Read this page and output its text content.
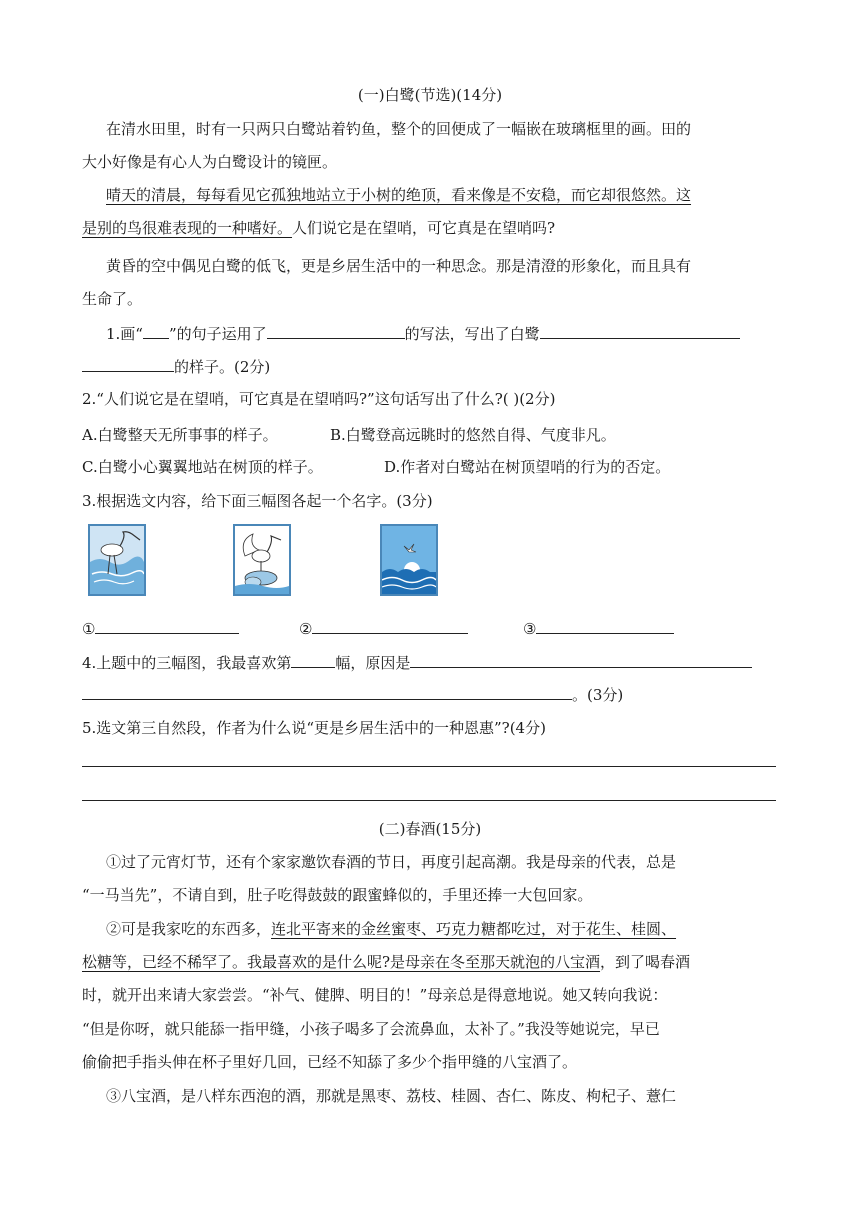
(一)白鹭(节选)(14分)
在清水田里，时有一只两只白鹭站着钓鱼，整个的回便成了一幅嵌在玻璃框里的画。田的
大小好像是有心人为白鹭设计的镜匣。
晴天的清晨，每每看见它孤独地站立于小树的绝顶，看来像是不安稳，而它却很悠然。这
是别的鸟很难表现的一种嗜好。人们说它是在望哨，可它真是在望哨吗?
黄昏的空中偶见白鹭的低飞，更是乡居生活中的一种思念。那是清澄的形象化，而且具有
生命了。
1.画“ ”的句子运用了	的写法，写出了白鹭
的样子。(2分)
2.“人们说它是在望哨，可它真是在望哨吗?”这句话写出了什么?( )(2分)
A.白鹭整天无所事事的样子。	B.白鹭登高远眺时的悠然自得、气度非凡。
C.白鹭小心翼翼地站在树顶的样子。	D.作者对白鹭站在树顶望哨的行为的否定。
3.根据选文内容，给下面三幅图各起一个名字。(3分)
①	②	③
4.上题中的三幅图，我最喜欢第	幅，原因是
。(3分)
5.选文第三自然段，作者为什么说“更是乡居生活中的一种恩惠”?(4分)
(二)春酒(15分)
①过了元宵灯节，还有个家家邀饮春酒的节日，再度引起高潮。我是母亲的代表，总是
“一马当先”，不请自到，肚子吃得鼓鼓的跟蜜蜂似的，手里还捧一大包回家。
②可是我家吃的东西多，连北平寄来的金丝蜜枣、巧克力糖都吃过，对于花生、桂圆、
松糖等，已经不稀罕了。我最喜欢的是什么呢?是母亲在冬至那天就泡的八宝酒，到了喝春酒
时，就开出来请大家尝尝。“补气、健脾、明目的！”母亲总是得意地说。她又转向我说：
“但是你呀，就只能舔一指甲缝，小孩子喝多了会流鼻血，太补了。”我没等她说完，早已
偷偷把手指头伸在杯子里好几回，已经不知舔了多少个指甲缝的八宝酒了。
③八宝酒，是八样东西泡的酒，那就是黑枣、荔枝、桂圆、杏仁、陈皮、枸杞子、薏仁
